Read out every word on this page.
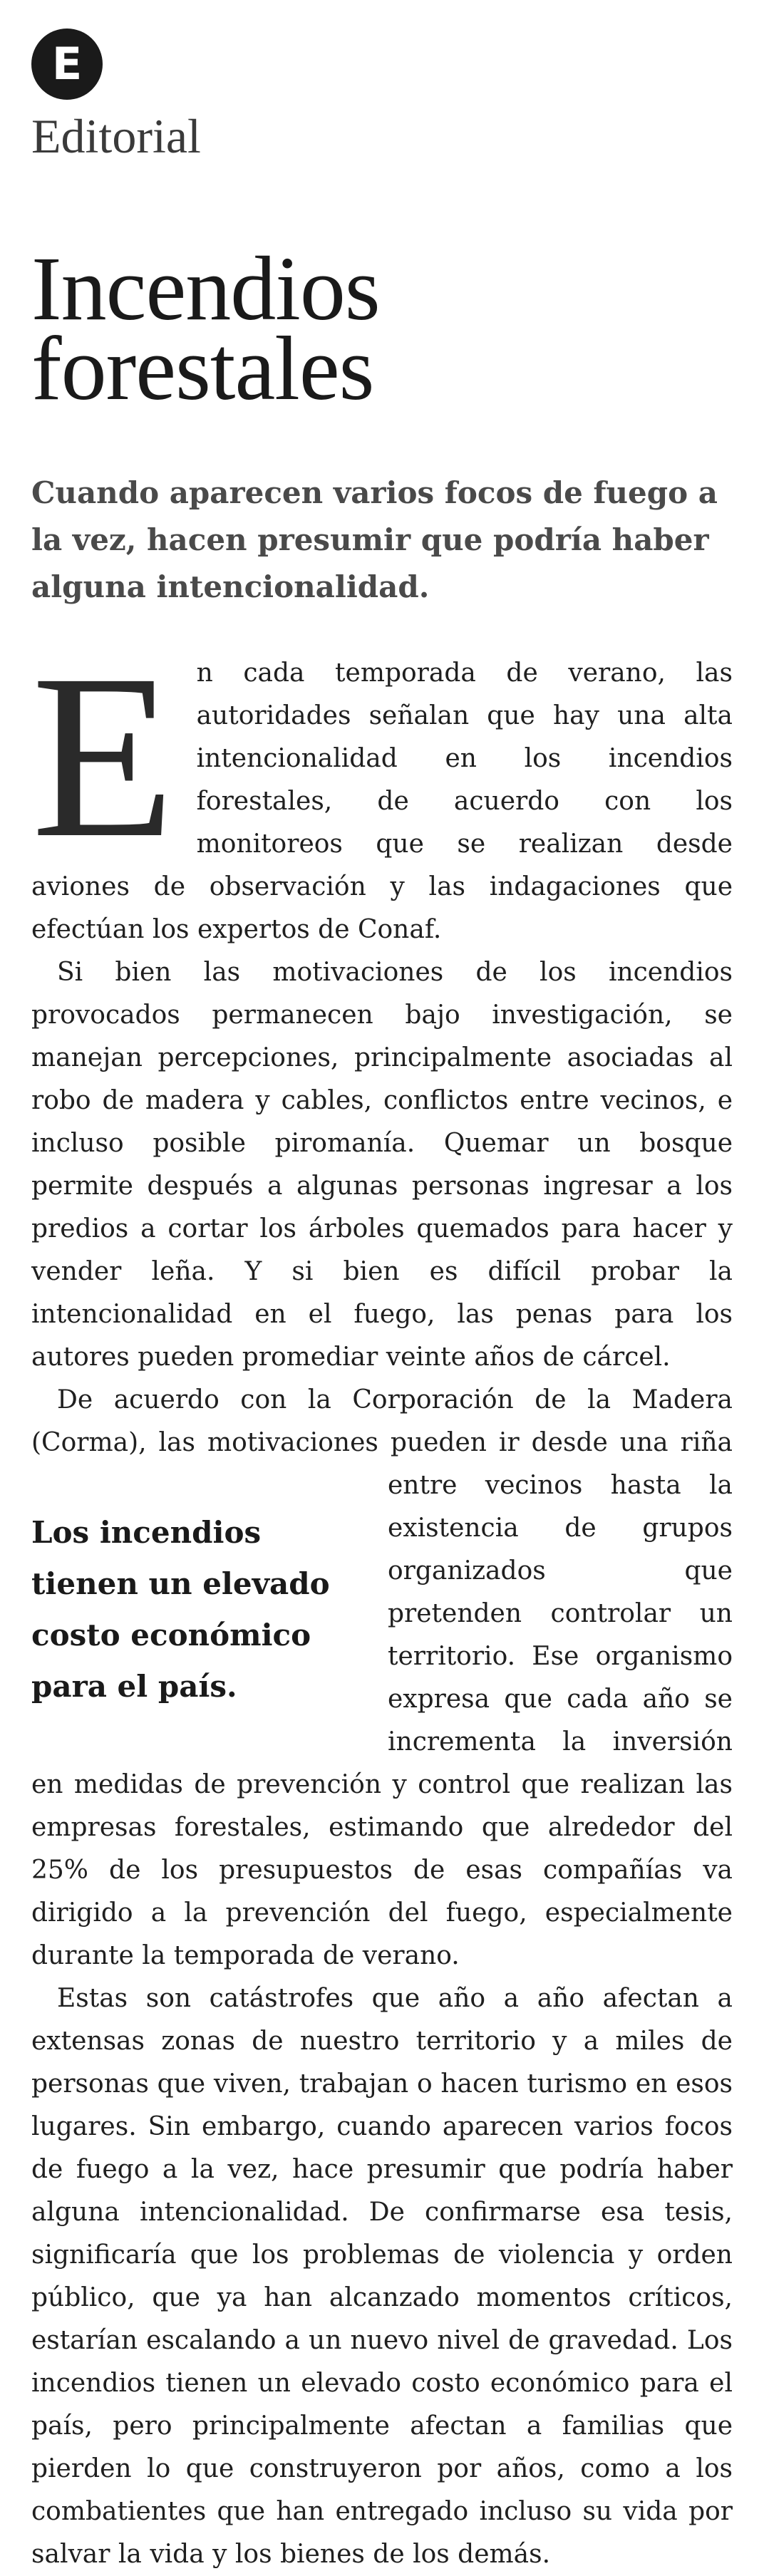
E
Editorial
Incendios forestales
Cuando aparecen varios focos de fuego a la vez, hacen presumir que podría haber alguna intencionalidad.

En cada temporada de verano, las autoridades señalan que hay una alta intencionalidad en los incendios forestales, de acuerdo con los monitoreos que se realizan desde aviones de observación y las indagaciones que efectúan los expertos de Conaf.

Si bien las motivaciones de los incendios provocados permanecen bajo investigación, se manejan percepciones, principalmente asociadas al robo de madera y cables, conflictos entre vecinos, e incluso posible piromanía. Quemar un bosque permite después a algunas personas ingresar a los predios a cortar los árboles quemados para hacer y vender leña. Y si bien es difícil probar la intencionalidad en el fuego, las penas para los autores pueden promediar veinte años de cárcel.

De acuerdo con la Corporación de la Madera (Corma), las motivaciones pueden ir desde una riña entre
Los incendios tienen un elevado costo económico para el país.
vecinos hasta la existencia de grupos organizados que pretenden controlar un territorio. Ese organismo expresa que cada año se incrementa la inversión en medidas de prevención y control que realizan las empresas forestales, estimando que alrededor del 25% de los presupuestos de esas compañías va dirigido a la prevención del fuego, especialmente durante la temporada de verano.

Estas son catástrofes que año a año afectan a extensas zonas de nuestro territorio y a miles de personas que viven, trabajan o hacen turismo en esos lugares. Sin embargo, cuando aparecen varios focos de fuego a la vez, hace presumir que podría haber alguna intencionalidad. De confirmarse esa tesis, significaría que los problemas de violencia y orden público, que ya han alcanzado momentos críticos, estarían escalando a un nuevo nivel de gravedad. Los incendios tienen un elevado costo económico para el país, pero principalmente afectan a familias que pierden lo que construyeron por años, como a los combatientes que han entregado incluso su vida por salvar la vida y los bienes de los demás.
